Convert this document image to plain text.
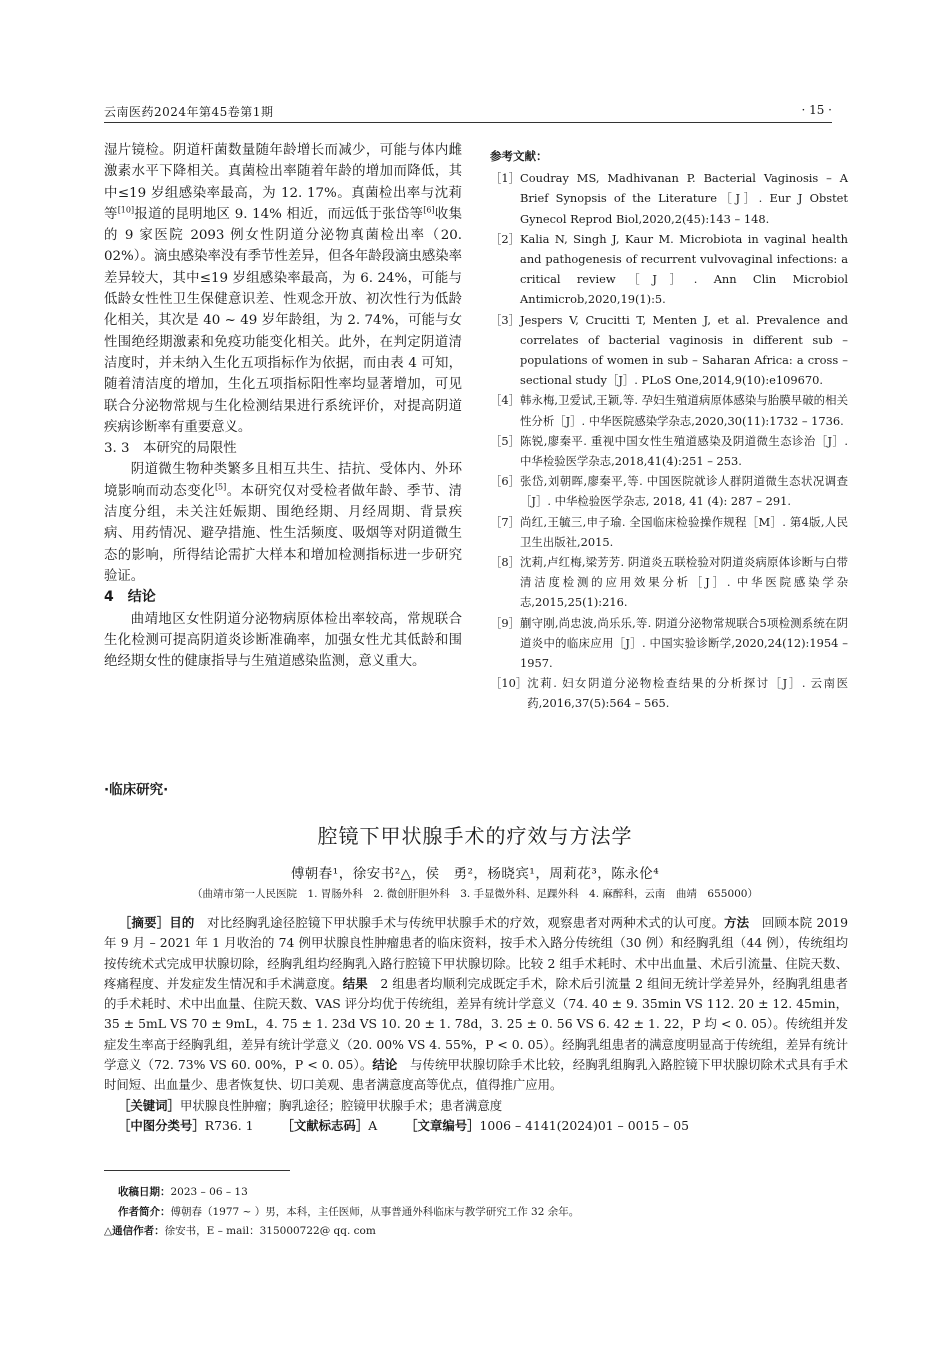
云南医药2024年第45卷第1期	· 15 ·

湿片镜检。阴道杆菌数量随年龄增长而减少，可能与体内雌激素水平下降相关。真菌检出率随着年龄的增加而降低，其中≤19 岁组感染率最高，为 12. 17%。真菌检出率与沈莉等[10]报道的昆明地区 9. 14% 相近，而远低于张岱等[6]收集的 9 家医院 2093 例女性阴道分泌物真菌检出率（20. 02%）。滴虫感染率没有季节性差异，但各年龄段滴虫感染率差异较大，其中≤19 岁组感染率最高，为 6. 24%，可能与低龄女性性卫生保健意识差、性观念开放、初次性行为低龄化相关，其次是 40 ~ 49 岁年龄组，为 2. 74%，可能与女性围绝经期激素和免疫功能变化相关。此外，在判定阴道清洁度时，并未纳入生化五项指标作为依据，而由表 4 可知，随着清洁度的增加，生化五项指标阳性率均显著增加，可见联合分泌物常规与生化检测结果进行系统评价，对提高阴道疾病诊断率有重要意义。

3. 3　本研究的局限性

阴道微生物种类繁多且相互共生、拮抗、受体内、外环境影响而动态变化[5]。本研究仅对受检者做年龄、季节、清洁度分组，未关注妊娠期、围绝经期、月经周期、背景疾病、用药情况、避孕措施、性生活频度、吸烟等对阴道微生态的影响，所得结论需扩大样本和增加检测指标进一步研究验证。

4　结论

曲靖地区女性阴道分泌物病原体检出率较高，常规联合生化检测可提高阴道炎诊断准确率，加强女性尤其低龄和围绝经期女性的健康指导与生殖道感染监测，意义重大。

参考文献：
［1］ Coudray MS, Madhivanan P. Bacterial Vaginosis – A Brief Synopsis of the Literature［J］. Eur J Obstet Gynecol Reprod Biol,2020,2(45):143 – 148.
［2］ Kalia N, Singh J, Kaur M. Microbiota in vaginal health and pathogenesis of recurrent vulvovaginal infections: a critical review［J］. Ann Clin Microbiol Antimicrob,2020,19(1):5.
［3］ Jespers V, Crucitti T, Menten J, et al. Prevalence and correlates of bacterial vaginosis in different sub – populations of women in sub – Saharan Africa: a cross – sectional study［J］. PLoS One,2014,9(10):e109670.
［4］ 韩永梅,卫爱试,王颖,等. 孕妇生殖道病原体感染与胎膜早破的相关性分析［J］. 中华医院感染学杂志,2020,30(11):1732 – 1736.
［5］ 陈锐,廖秦平. 重视中国女性生殖道感染及阴道微生态诊治［J］. 中华检验医学杂志,2018,41(4):251 – 253.
［6］ 张岱,刘朝晖,廖秦平,等. 中国医院就诊人群阴道微生态状况调查［J］. 中华检验医学杂志, 2018, 41 (4): 287 – 291.
［7］ 尚红,王毓三,申子瑜. 全国临床检验操作规程［M］. 第4版,人民卫生出版社,2015.
［8］ 沈莉,卢红梅,梁芳芳. 阴道炎五联检验对阴道炎病原体诊断与白带清洁度检测的应用效果分析［J］. 中华医院感染学杂志,2015,25(1):216.
［9］ 蒯守刚,尚忠波,尚乐乐,等. 阴道分泌物常规联合5项检测系统在阴道炎中的临床应用［J］. 中国实验诊断学,2020,24(12):1954 – 1957.
［10］ 沈莉. 妇女阴道分泌物检查结果的分析探讨［J］. 云南医药,2016,37(5):564 – 565.
·临床研究·
腔镜下甲状腺手术的疗效与方法学
傅朝春¹，徐安书²△，侯　勇²，杨晓宾¹，周莉花³，陈永伦⁴
（曲靖市第一人民医院　1. 胃肠外科　2. 微创肝胆外科　3. 手显微外科、足踝外科　4. 麻醉科，云南　曲靖　655000）

［摘要］目的　对比经胸乳途径腔镜下甲状腺手术与传统甲状腺手术的疗效，观察患者对两种术式的认可度。方法　回顾本院 2019 年 9 月 – 2021 年 1 月收治的 74 例甲状腺良性肿瘤患者的临床资料，按手术入路分传统组（30 例）和经胸乳组（44 例），传统组均按传统术式完成甲状腺切除，经胸乳组均经胸乳入路行腔镜下甲状腺切除。比较 2 组手术耗时、术中出血量、术后引流量、住院天数、疼痛程度、并发症发生情况和手术满意度。结果　2 组患者均顺利完成既定手术，除术后引流量 2 组间无统计学差异外，经胸乳组患者的手术耗时、术中出血量、住院天数、VAS 评分均优于传统组，差异有统计学意义（74. 40 ± 9. 35min VS 112. 20 ± 12. 45min，35 ± 5mL VS 70 ± 9mL，4. 75 ± 1. 23d VS 10. 20 ± 1. 78d，3. 25 ± 0. 56 VS 6. 42 ± 1. 22，P 均 < 0. 05）。传统组并发症发生率高于经胸乳组，差异有统计学意义（20. 00% VS 4. 55%，P < 0. 05）。经胸乳组患者的满意度明显高于传统组，差异有统计学意义（72. 73% VS 60. 00%，P < 0. 05）。结论　与传统甲状腺切除手术比较，经胸乳组胸乳入路腔镜下甲状腺切除术式具有手术时间短、出血量少、患者恢复快、切口美观、患者满意度高等优点，值得推广应用。

［关键词］甲状腺良性肿瘤；胸乳途径；腔镜甲状腺手术；患者满意度

［中图分类号］R736. 1 ［文献标志码］A ［文章编号］1006 – 4141(2024)01 – 0015 – 05

收稿日期：2023 – 06 – 13

作者简介：傅朝春（1977 ~ ）男，本科，主任医师，从事普通外科临床与教学研究工作 32 余年。

△通信作者：徐安书，E – mail：315000722@ qq. com
